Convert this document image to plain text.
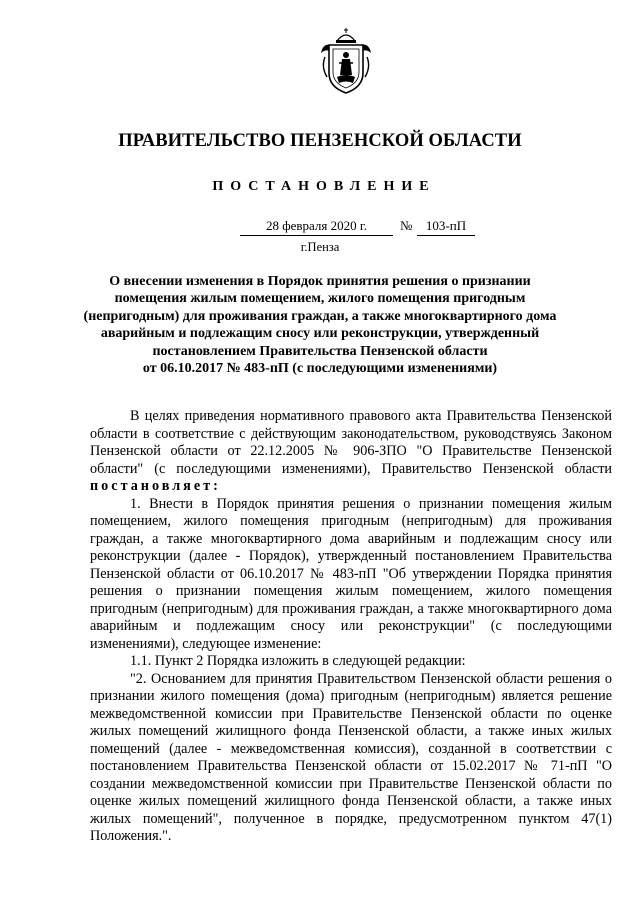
ПРАВИТЕЛЬСТВО ПЕНЗЕНСКОЙ ОБЛАСТИ
ПОСТАНОВЛЕНИЕ
28 февраля 2020 г.	№	103-пП
г.Пенза
О внесении изменения в Порядок принятия решения о признании
помещения жилым помещением, жилого помещения пригодным
(непригодным) для проживания граждан, а также многоквартирного дома
аварийным и подлежащим сносу или реконструкции, утвержденный
постановлением Правительства Пензенской области
от 06.10.2017 № 483-пП (с последующими изменениями)

В целях приведения нормативного правового акта Правительства Пензенской области в соответствие с действующим законодательством, руководствуясь Законом Пензенской области от 22.12.2005 № 906-ЗПО "О Правительстве Пензенской области" (с последующими изменениями), Правительство Пензенской области постановляет:

1. Внести в Порядок принятия решения о признании помещения жилым помещением, жилого помещения пригодным (непригодным) для проживания граждан, а также многоквартирного дома аварийным и подлежащим сносу или реконструкции (далее - Порядок), утвержденный постановлением Правительства Пензенской области от 06.10.2017 № 483-пП "Об утверждении Порядка принятия решения о признании помещения жилым помещением, жилого помещения пригодным (непригодным) для проживания граждан, а также многоквартирного дома аварийным и подлежащим сносу или реконструкции" (с последующими изменениями), следующее изменение:

1.1. Пункт 2 Порядка изложить в следующей редакции:

"2. Основанием для принятия Правительством Пензенской области решения о признании жилого помещения (дома) пригодным (непригодным) является решение межведомственной комиссии при Правительстве Пензенской области по оценке жилых помещений жилищного фонда Пензенской области, а также иных жилых помещений (далее - межведомственная комиссия), созданной в соответствии с постановлением Правительства Пензенской области от 15.02.2017 № 71-пП "О создании межведомственной комиссии при Правительстве Пензенской области по оценке жилых помещений жилищного фонда Пензенской области, а также иных жилых помещений", полученное в порядке, предусмотренном пунктом 47(1) Положения.".
